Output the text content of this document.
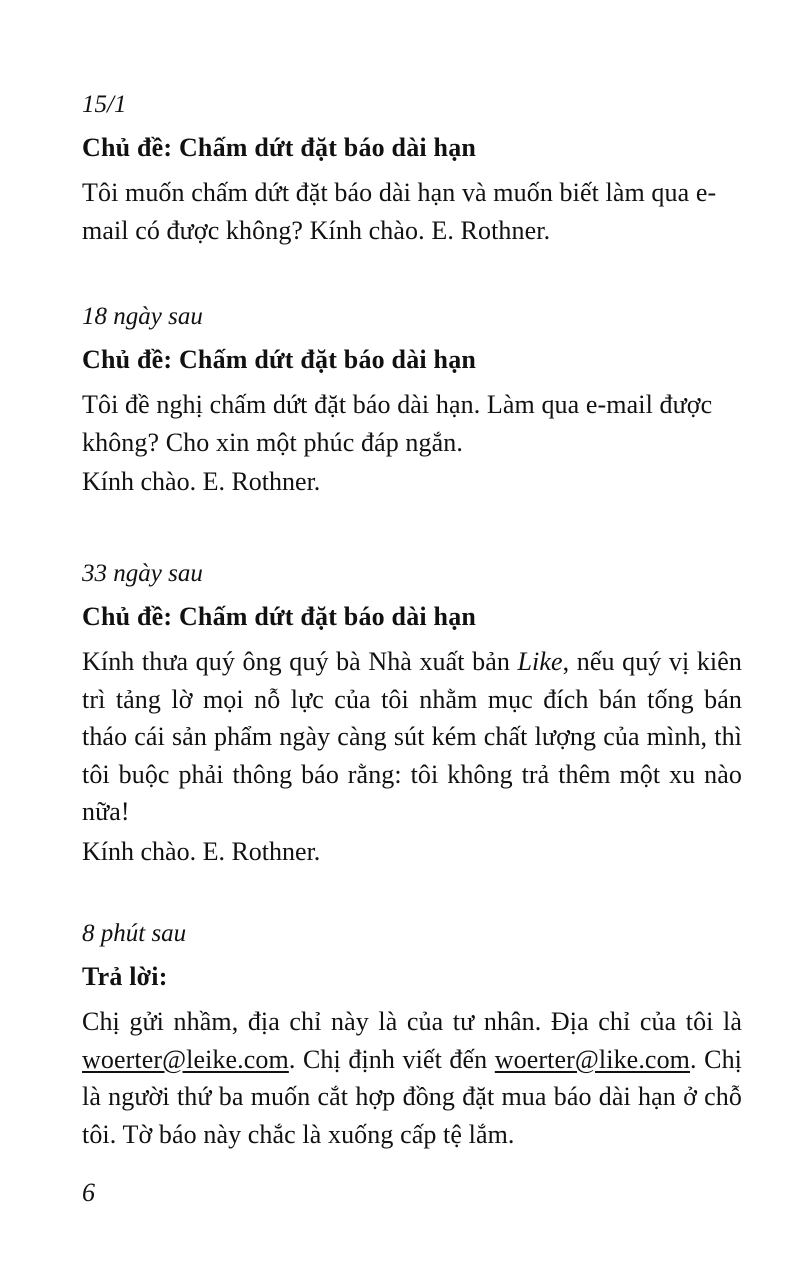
15/1
Chủ đề: Chấm dứt đặt báo dài hạn

Tôi muốn chấm dứt đặt báo dài hạn và muốn biết làm qua e-mail có được không? Kính chào. E. Rothner.

18 ngày sau
Chủ đề: Chấm dứt đặt báo dài hạn

Tôi đề nghị chấm dứt đặt báo dài hạn. Làm qua e-mail được không? Cho xin một phúc đáp ngắn.

Kính chào. E. Rothner.

33 ngày sau
Chủ đề: Chấm dứt đặt báo dài hạn

Kính thưa quý ông quý bà Nhà xuất bản Like, nếu quý vị kiên trì tảng lờ mọi nỗ lực của tôi nhằm mục đích bán tống bán tháo cái sản phẩm ngày càng sút kém chất lượng của mình, thì tôi buộc phải thông báo rằng: tôi không trả thêm một xu nào nữa!

Kính chào. E. Rothner.

8 phút sau
Trả lời:

Chị gửi nhầm, địa chỉ này là của tư nhân. Địa chỉ của tôi là woerter@leike.com. Chị định viết đến woerter@like.com. Chị là người thứ ba muốn cắt hợp đồng đặt mua báo dài hạn ở chỗ tôi. Tờ báo này chắc là xuống cấp tệ lắm.

6
